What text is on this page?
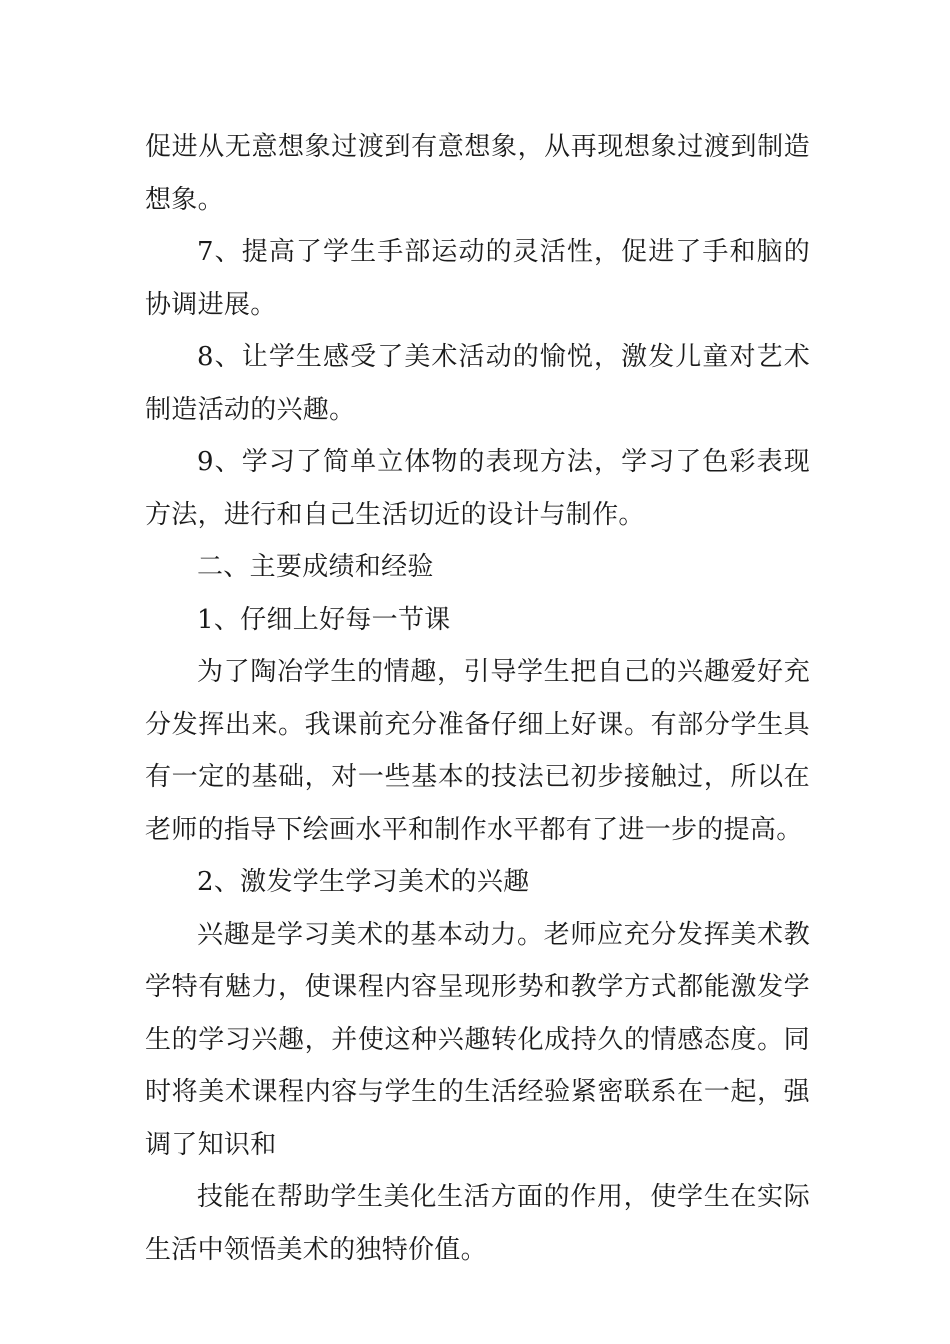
促进从无意想象过渡到有意想象，从再现想象过渡到制造想象。

7、提高了学生手部运动的灵活性，促进了手和脑的协调进展。

8、让学生感受了美术活动的愉悦，激发儿童对艺术制造活动的兴趣。

9、学习了简单立体物的表现方法，学习了色彩表现方法，进行和自己生活切近的设计与制作。

二、主要成绩和经验

1、仔细上好每一节课

为了陶冶学生的情趣，引导学生把自己的兴趣爱好充分发挥出来。我课前充分准备仔细上好课。有部分学生具有一定的基础，对一些基本的技法已初步接触过，所以在老师的指导下绘画水平和制作水平都有了进一步的提高。

2、激发学生学习美术的兴趣

兴趣是学习美术的基本动力。老师应充分发挥美术教学特有魅力，使课程内容呈现形势和教学方式都能激发学生的学习兴趣，并使这种兴趣转化成持久的情感态度。同时将美术课程内容与学生的生活经验紧密联系在一起，强调了知识和

技能在帮助学生美化生活方面的作用，使学生在实际生活中领悟美术的独特价值。
